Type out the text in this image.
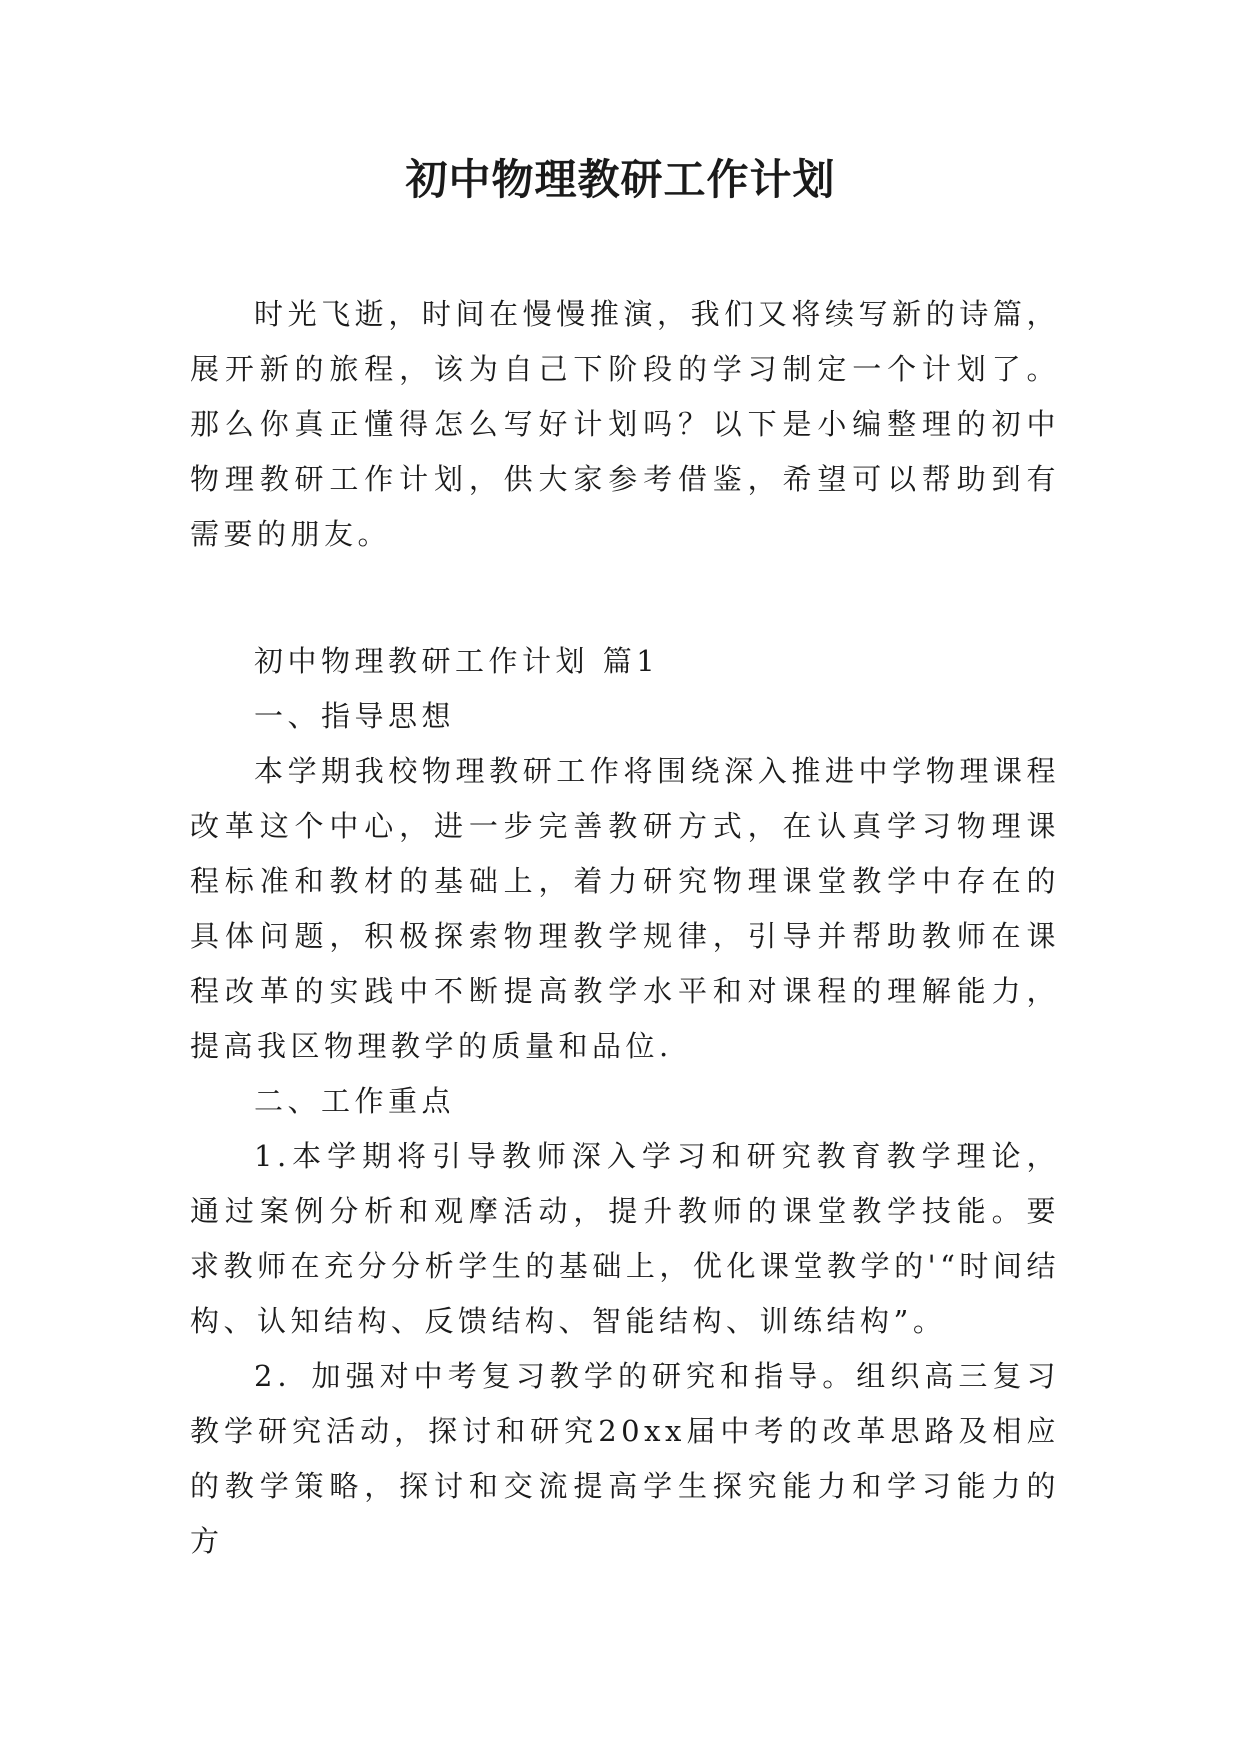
初中物理教研工作计划

时光飞逝，时间在慢慢推演，我们又将续写新的诗篇，展开新的旅程，该为自己下阶段的学习制定一个计划了。那么你真正懂得怎么写好计划吗？以下是小编整理的初中物理教研工作计划，供大家参考借鉴，希望可以帮助到有需要的朋友。

初中物理教研工作计划 篇1

一、指导思想

本学期我校物理教研工作将围绕深入推进中学物理课程改革这个中心，进一步完善教研方式，在认真学习物理课程标准和教材的基础上，着力研究物理课堂教学中存在的具体问题，积极探索物理教学规律，引导并帮助教师在课程改革的实践中不断提高教学水平和对课程的理解能力，提高我区物理教学的质量和品位.

二、工作重点

1.本学期将引导教师深入学习和研究教育教学理论，通过案例分析和观摩活动，提升教师的课堂教学技能。要求教师在充分分析学生的基础上，优化课堂教学的'“时间结构、认知结构、反馈结构、智能结构、训练结构”。

2．加强对中考复习教学的研究和指导。组织高三复习教学研究活动，探讨和研究20xx届中考的改革思路及相应的教学策略，探讨和交流提高学生探究能力和学习能力的方
